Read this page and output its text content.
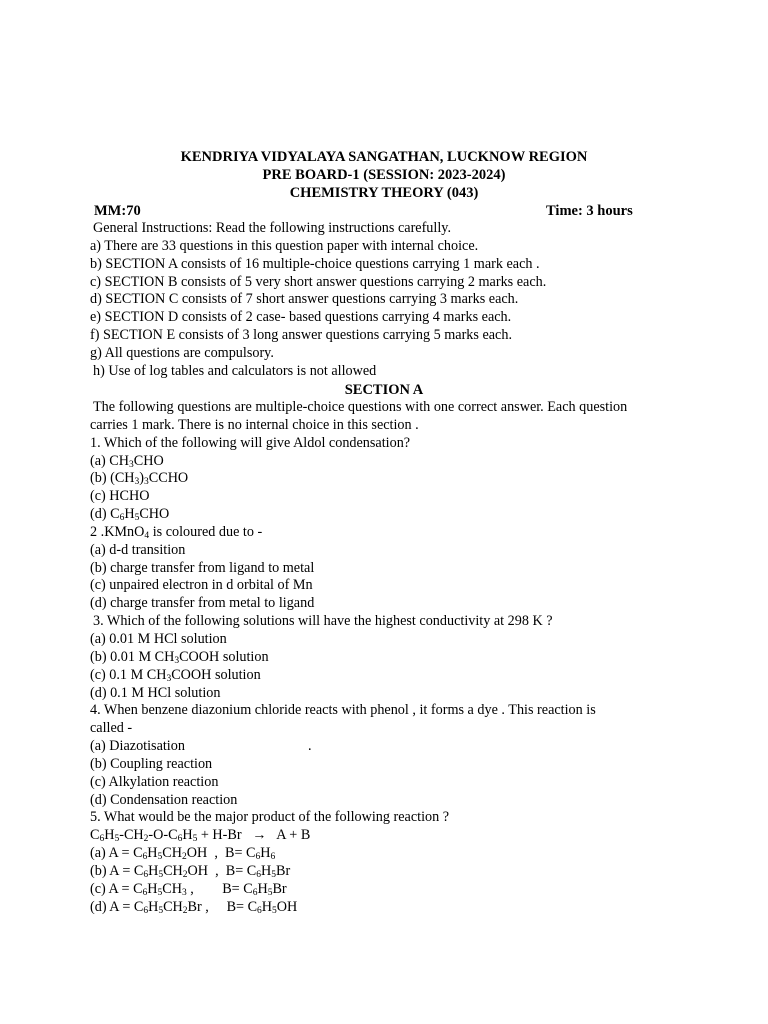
KENDRIYA VIDYALAYA SANGATHAN, LUCKNOW REGION
PRE BOARD-1 (SESSION: 2023-2024)
CHEMISTRY THEORY (043)
MM:70	Time: 3 hours
General Instructions: Read the following instructions carefully.
a) There are 33 questions in this question paper with internal choice.
b) SECTION A consists of 16 multiple-choice questions carrying 1 mark each .
c) SECTION B consists of 5 very short answer questions carrying 2 marks each.
d) SECTION C consists of 7 short answer questions carrying 3 marks each.
e) SECTION D consists of 2 case- based questions carrying 4 marks each.
f) SECTION E consists of 3 long answer questions carrying 5 marks each.
g) All questions are compulsory.
h) Use of log tables and calculators is not allowed
SECTION A
The following questions are multiple-choice questions with one correct answer. Each question
carries 1 mark. There is no internal choice in this section .
1. Which of the following will give Aldol condensation?
(a) $CH_3CHO$
(b) $(CH_3)_3CCHO$
(c) HCHO
(d) $C_6H_5CHO$
2 .KMnO$_4$ is coloured due to -
(a) d-d transition
(b) charge transfer from ligand to metal
(c) unpaired electron in d orbital of Mn
(d) charge transfer from metal to ligand
3. Which of the following solutions will have the highest conductivity at 298 K ?
(a) 0.01 M HCl solution
(b) 0.01 M $CH_3COOH$ solution
(c) 0.1 M $CH_3COOH$ solution
(d) 0.1 M HCl solution
4. When benzene diazonium chloride reacts with phenol , it forms a dye . This reaction is
called -
(a) Diazotisation	.
(b) Coupling reaction
(c) Alkylation reaction
(d) Condensation reaction
5. What would be the major product of the following reaction ?
$C_6H_5-CH_2-O-C_6H_5 + H-Br \to A + B$
(a) $A = C_6H_5CH_2OH$  ,  $B= C_6H_6$
(b) $A = C_6H_5CH_2OH$  ,  $B= C_6H_5Br$
(c) $A = C_6H_5CH_3$ ,        $B= C_6H_5Br$
(d) $A = C_6H_5CH_2Br$ ,     $B= C_6H_5OH$
